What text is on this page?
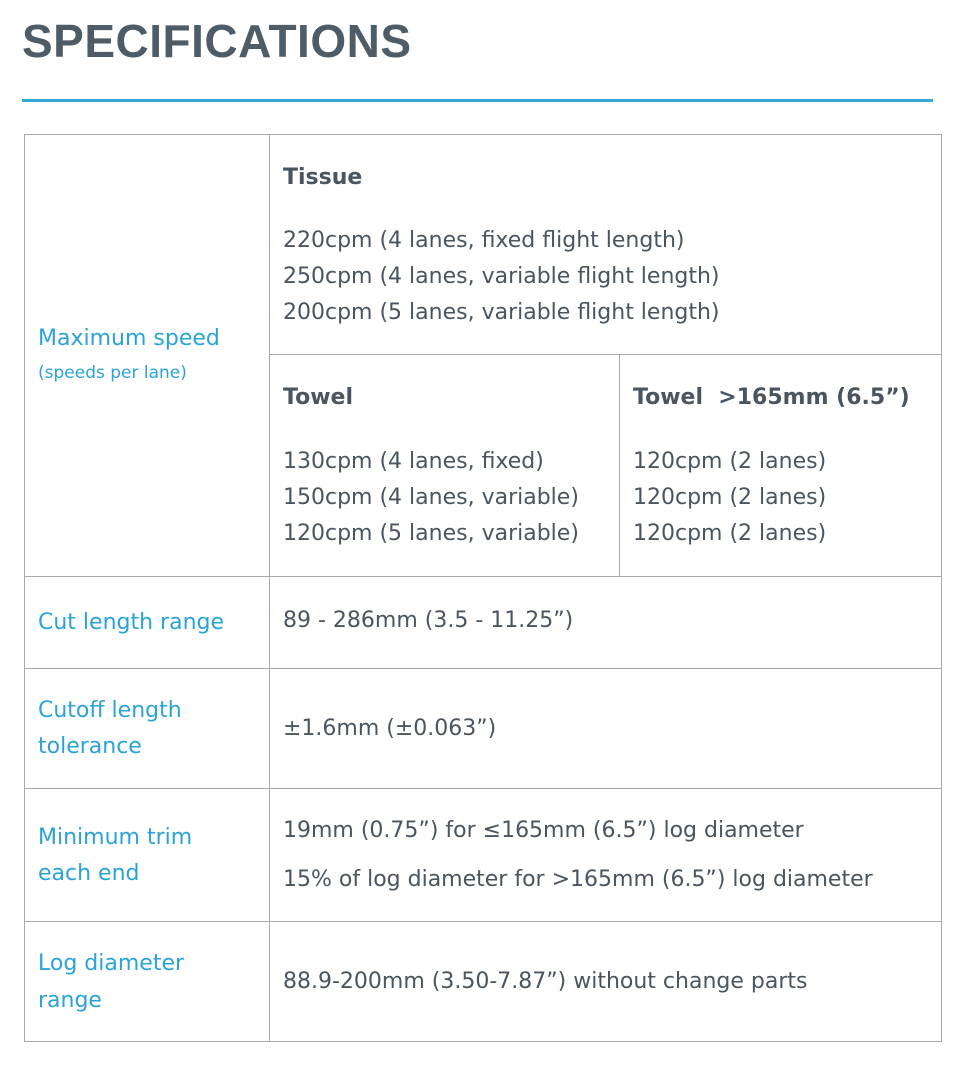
SPECIFICATIONS
Maximum speed
(speeds per lane)
Tissue
220cpm (4 lanes, fixed flight length)
250cpm (4 lanes, variable flight length)
200cpm (5 lanes, variable flight length)
Towel
130cpm (4 lanes, fixed)
150cpm (4 lanes, variable)
120cpm (5 lanes, variable)
Towel  >165mm (6.5”)
120cpm (2 lanes)
120cpm (2 lanes)
120cpm (2 lanes)
Cut length range	89 - 286mm (3.5 - 11.25”)
Cutoff length
tolerance
±1.6mm (±0.063”)
Minimum trim
each end
19mm (0.75”) for ≤165mm (6.5”) log diameter
15% of log diameter for >165mm (6.5”) log diameter
Log diameter
range
88.9-200mm (3.50-7.87”) without change parts
